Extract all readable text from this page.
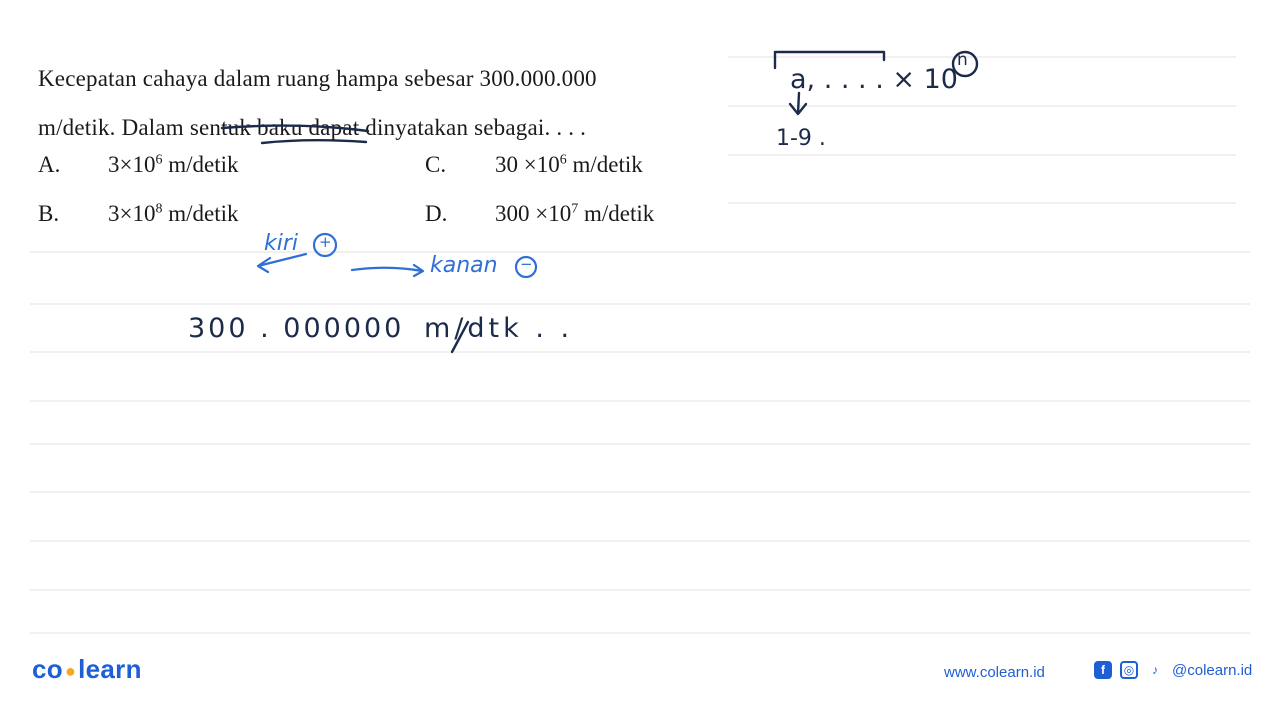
Kecepatan cahaya dalam ruang hampa sebesar 300.000.000
m/detik. Dalam sentuk baku dapat dinyatakan sebagai. . . .
A. $3\times 10^6$ m/detik
B. $3\times 10^8$ m/detik
C. $30 \times 10^6$ m/detik
D. $300 \times 10^7$ m/detik
a, . . . . × 10
n
1-9 .
kiri +
kanan −
300 . 000000 m/dtk . .
co ●learn	www.colearn.id	f	◎	♪ @colearn.id
